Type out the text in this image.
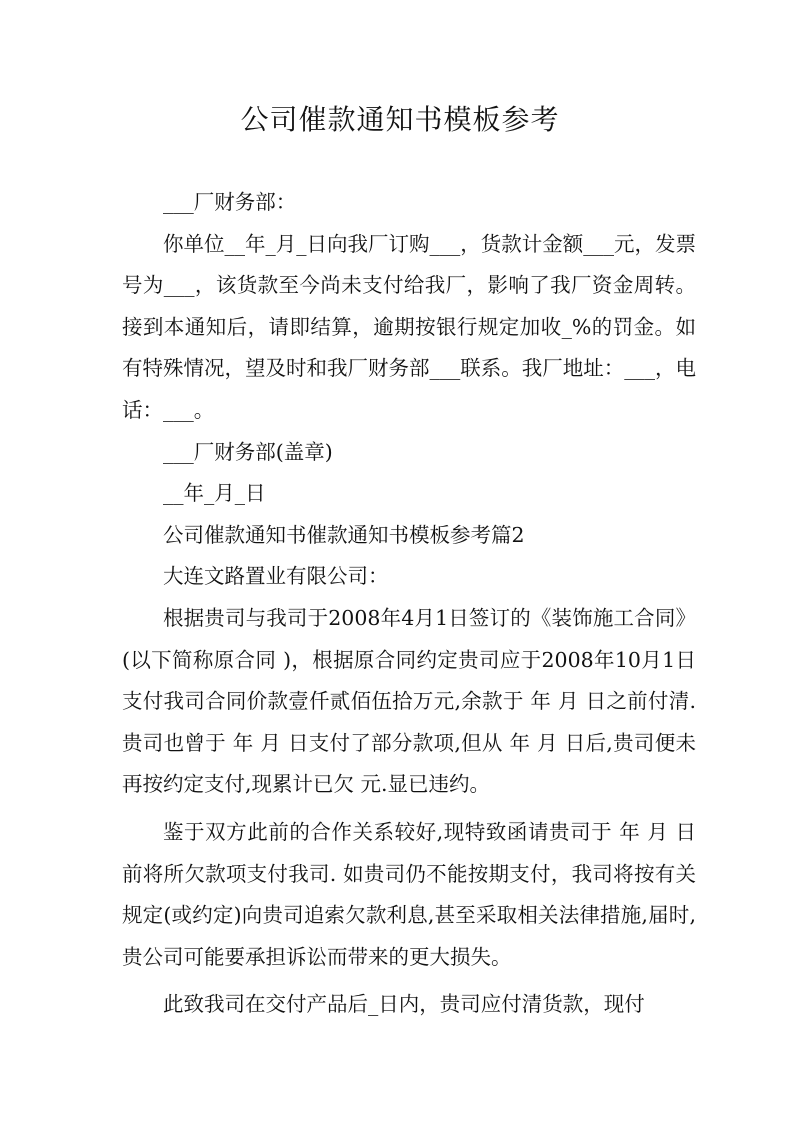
公司催款通知书模板参考

___厂财务部：

你单位__年_月_日向我厂订购___，货款计金额___元，发票号为___，该货款至今尚未支付给我厂，影响了我厂资金周转。接到本通知后，请即结算，逾期按银行规定加收_%的罚金。如有特殊情况，望及时和我厂财务部___联系。我厂地址：___，电话：___。

___厂财务部(盖章)

__年_月_日

公司催款通知书催款通知书模板参考篇2

大连文路置业有限公司：

根据贵司与我司于2008年4月1日签订的《装饰施工合同》(以下简称原合同 )，根据原合同约定贵司应于2008年10月1日支付我司合同价款壹仟贰佰伍拾万元,余款于 年 月 日之前付清.贵司也曾于 年 月 日支付了部分款项,但从 年 月 日后,贵司便未再按约定支付,现累计已欠 元.显已违约。

鉴于双方此前的合作关系较好,现特致函请贵司于 年 月 日前将所欠款项支付我司. 如贵司仍不能按期支付，我司将按有关规定(或约定)向贵司追索欠款利息,甚至采取相关法律措施,届时,贵公司可能要承担诉讼而带来的更大损失。

此致我司在交付产品后_日内，贵司应付清货款，现付
